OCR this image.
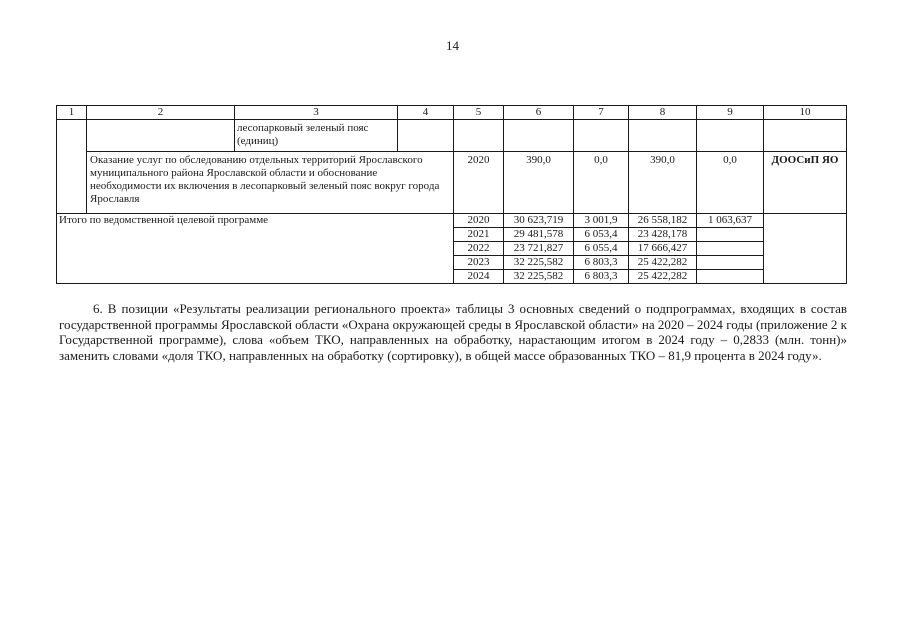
14
1	2	3	4	5	6	7	8	9	10
		лесопарковый зеленый пояс (единиц)							
	Оказание услуг по обследованию отдельных территорий Ярославского муниципального района Ярославской области и обоснование необходимости их включения в лесопарковый зеленый пояс вокруг города Ярославля			2020	390,0	0,0	390,0	0,0	ДООСиП ЯО
Итого по ведомственной целевой программе				2020	30 623,719	3 001,9	26 558,182	1 063,637	
				2021	29 481,578	6 053,4	23 428,178		
				2022	23 721,827	6 055,4	17 666,427		
				2023	32 225,582	6 803,3	25 422,282		
				2024	32 225,582	6 803,3	25 422,282		

6. В позиции «Результаты реализации регионального проекта» таблицы 3 основных сведений о подпрограммах, входящих в состав государственной программы Ярославской области «Охрана окружающей среды в Ярославской области» на 2020 – 2024 годы (приложение 2 к Государственной программе), слова «объем ТКО, направленных на обработку, нарастающим итогом в 2024 году – 0,2833 (млн. тонн)» заменить словами «доля ТКО, направленных на обработку (сортировку), в общей массе образованных ТКО – 81,9 процента в 2024 году».
